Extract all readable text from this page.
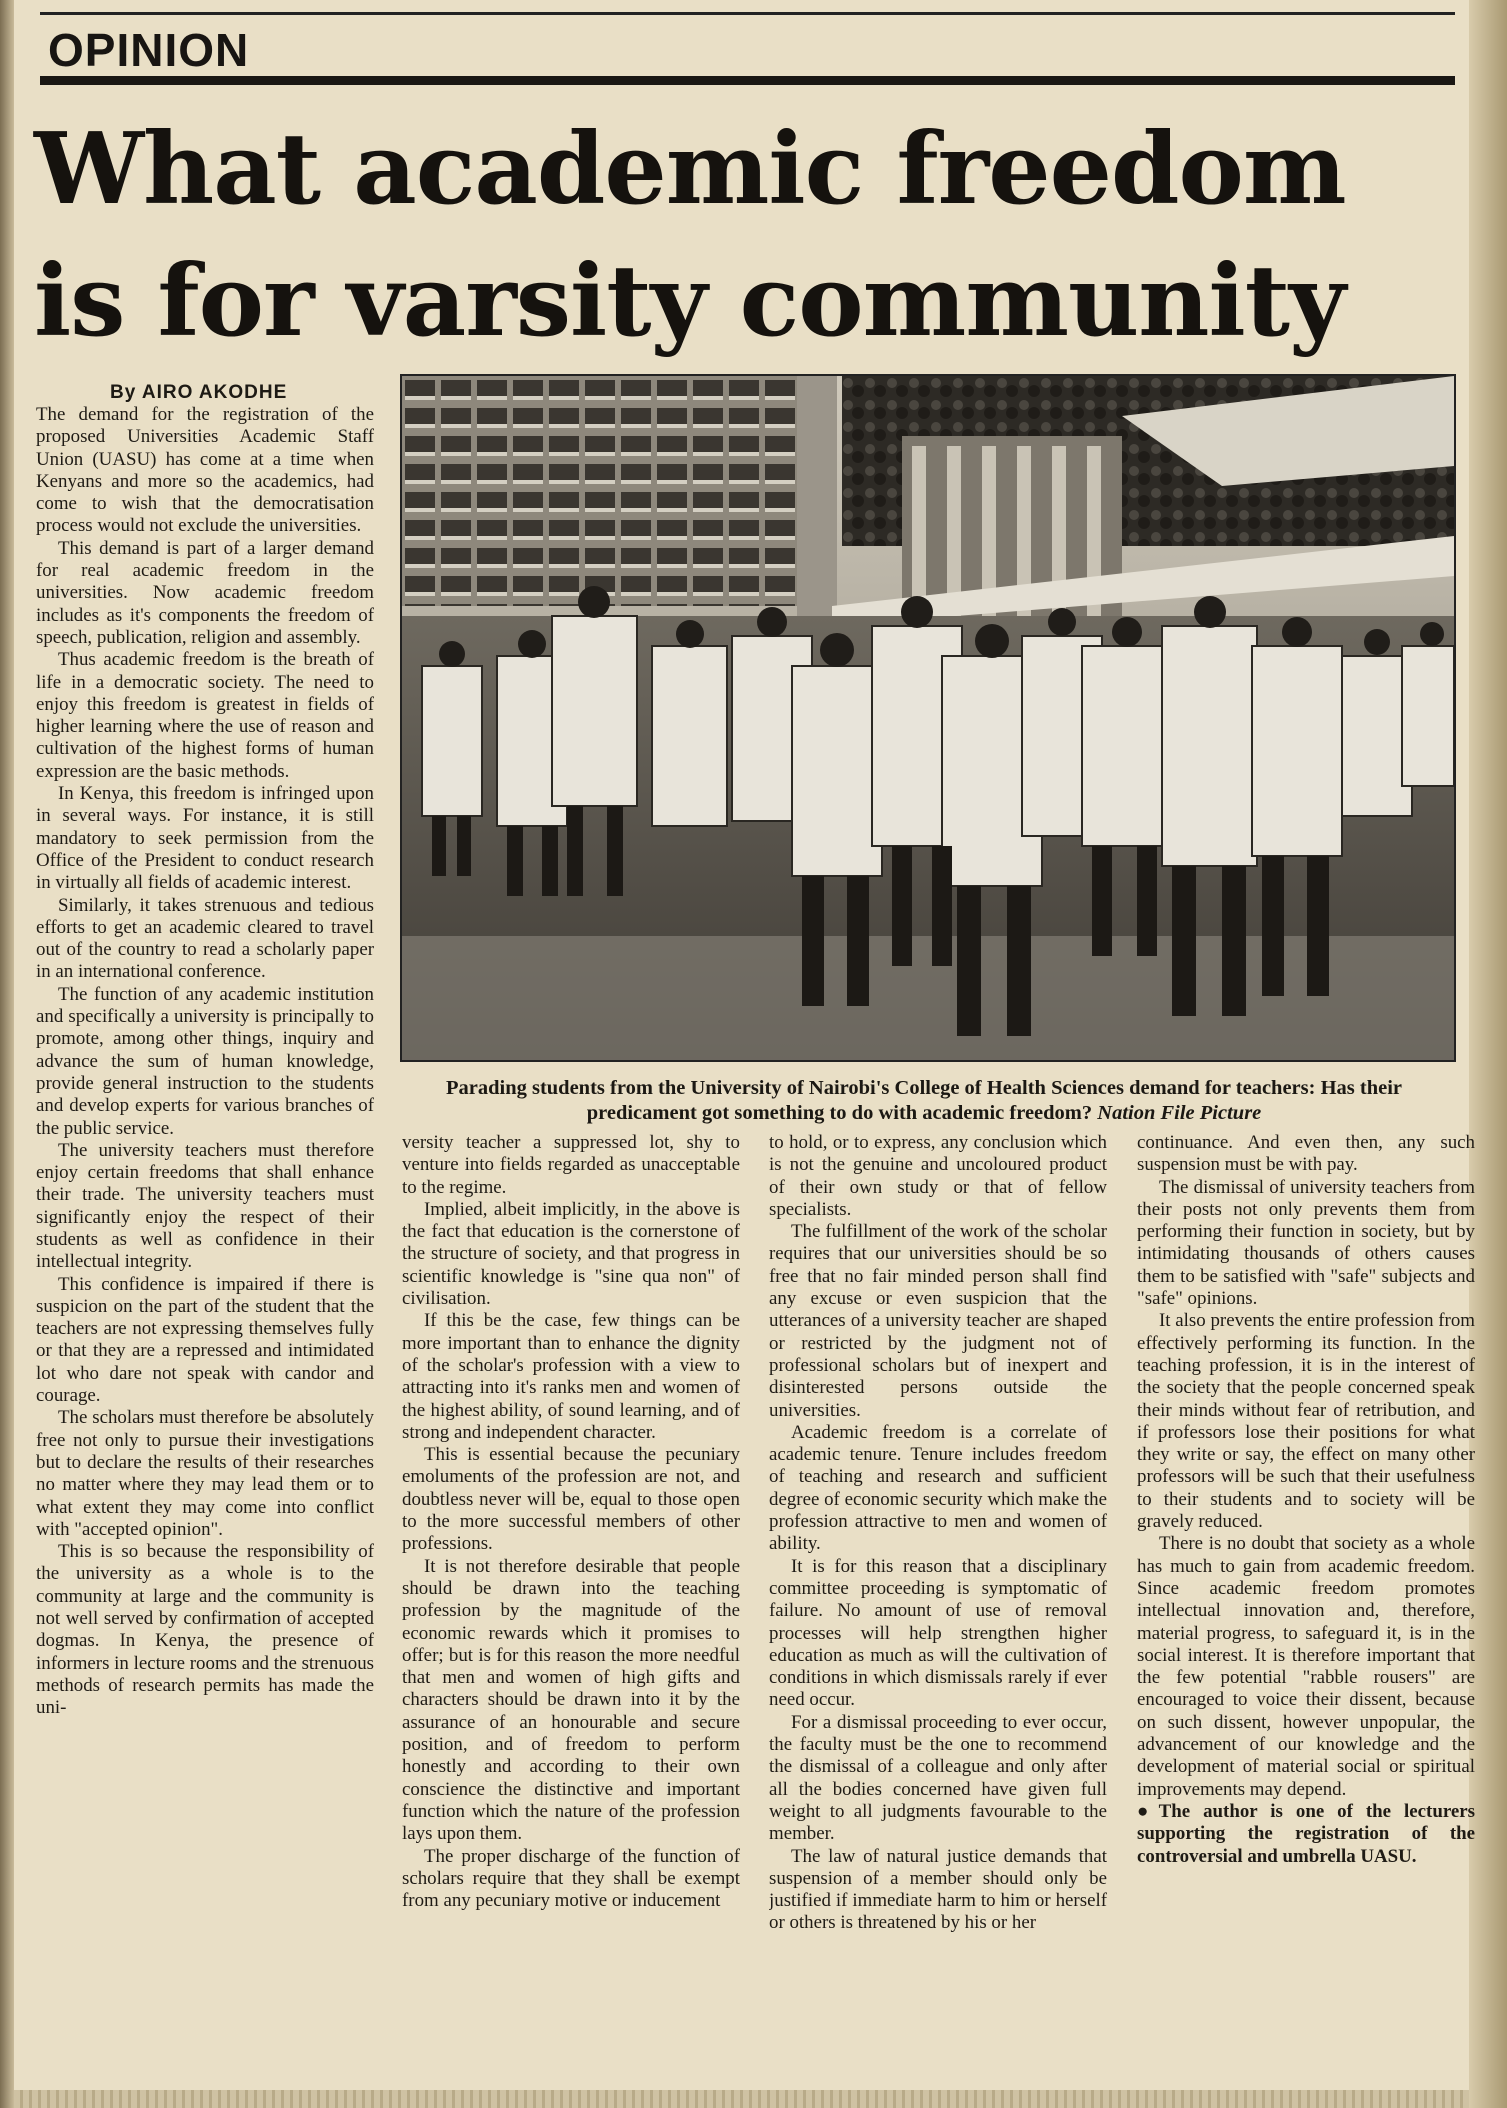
OPINION
What academic freedom is for varsity community
By AIRO AKODHE
Parading students from the University of Nairobi's College of Health Sciences demand for teachers: Has their predicament got something to do with academic freedom? Nation File Picture

The demand for the registration of the proposed Universities Academic Staff Union (UASU) has come at a time when Kenyans and more so the academics, had come to wish that the democratisation process would not exclude the universities.

This demand is part of a larger demand for real academic freedom in the universities. Now academic freedom includes as it's components the freedom of speech, publication, religion and assembly.

Thus academic freedom is the breath of life in a democratic society. The need to enjoy this freedom is greatest in fields of higher learning where the use of reason and cultivation of the highest forms of human expression are the basic methods.

In Kenya, this freedom is infringed upon in several ways. For instance, it is still mandatory to seek permission from the Office of the President to conduct research in virtually all fields of academic interest.

Similarly, it takes strenuous and tedious efforts to get an academic cleared to travel out of the country to read a scholarly paper in an international conference.

The function of any academic institution and specifically a university is principally to promote, among other things, inquiry and advance the sum of human knowledge, provide general instruction to the students and develop experts for various branches of the public service.

The university teachers must therefore enjoy certain freedoms that shall enhance their trade. The university teachers must significantly enjoy the respect of their students as well as confidence in their intellectual integrity.

This confidence is impaired if there is suspicion on the part of the student that the teachers are not expressing themselves fully or that they are a repressed and intimidated lot who dare not speak with candor and courage.

The scholars must therefore be absolutely free not only to pursue their investigations but to declare the results of their researches no matter where they may lead them or to what extent they may come into conflict with "accepted opinion".

This is so because the responsibility of the university as a whole is to the community at large and the community is not well served by confirmation of accepted dogmas. In Kenya, the presence of informers in lecture rooms and the strenuous methods of research permits has made the uni-

versity teacher a suppressed lot, shy to venture into fields regarded as unacceptable to the regime.

Implied, albeit implicitly, in the above is the fact that education is the cornerstone of the structure of society, and that progress in scientific knowledge is "sine qua non" of civilisation.

If this be the case, few things can be more important than to enhance the dignity of the scholar's profession with a view to attracting into it's ranks men and women of the highest ability, of sound learning, and of strong and independent character.

This is essential because the pecuniary emoluments of the profession are not, and doubtless never will be, equal to those open to the more successful members of other professions.

It is not therefore desirable that people should be drawn into the teaching profession by the magnitude of the economic rewards which it promises to offer; but is for this reason the more needful that men and women of high gifts and characters should be drawn into it by the assurance of an honourable and secure position, and of freedom to perform honestly and according to their own conscience the distinctive and important function which the nature of the profession lays upon them.

The proper discharge of the function of scholars require that they shall be exempt from any pecuniary motive or inducement

to hold, or to express, any conclusion which is not the genuine and uncoloured product of their own study or that of fellow specialists.

The fulfillment of the work of the scholar requires that our universities should be so free that no fair minded person shall find any excuse or even suspicion that the utterances of a university teacher are shaped or restricted by the judgment not of professional scholars but of inexpert and disinterested persons outside the universities.

Academic freedom is a correlate of academic tenure. Tenure includes freedom of teaching and research and sufficient degree of economic security which make the profession attractive to men and women of ability.

It is for this reason that a disciplinary committee proceeding is symptomatic of failure. No amount of use of removal processes will help strengthen higher education as much as will the cultivation of conditions in which dismissals rarely if ever need occur.

For a dismissal proceeding to ever occur, the faculty must be the one to recommend the dismissal of a colleague and only after all the bodies concerned have given full weight to all judgments favourable to the member.

The law of natural justice demands that suspension of a member should only be justified if immediate harm to him or herself or others is threatened by his or her

continuance. And even then, any such suspension must be with pay.

The dismissal of university teachers from their posts not only prevents them from performing their function in society, but by intimidating thousands of others causes them to be satisfied with "safe" subjects and "safe" opinions.

It also prevents the entire profession from effectively performing its function. In the teaching profession, it is in the interest of the society that the people concerned speak their minds without fear of retribution, and if professors lose their positions for what they write or say, the effect on many other professors will be such that their usefulness to their students and to society will be gravely reduced.

There is no doubt that society as a whole has much to gain from academic freedom. Since academic freedom promotes intellectual innovation and, therefore, material progress, to safeguard it, is in the social interest. It is therefore important that the few potential "rabble rousers" are encouraged to voice their dissent, because on such dissent, however unpopular, the advancement of our knowledge and the development of material social or spiritual improvements may depend.

● The author is one of the lecturers supporting the registration of the controversial and umbrella UASU.
